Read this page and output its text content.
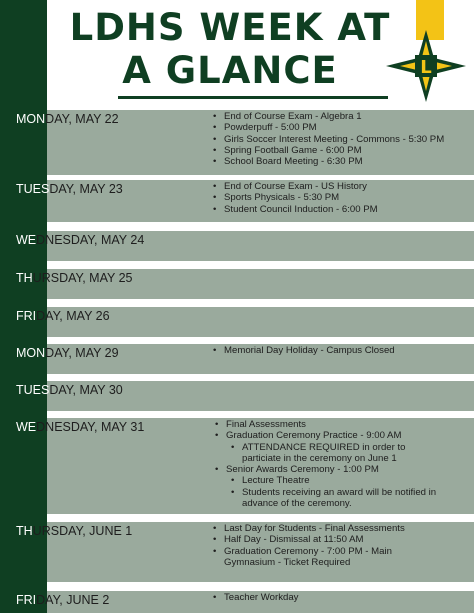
LDHS WEEK AT
A GLANCE	L
MONDAY, MAY 22	• End of Course Exam - Algebra 1
• Powderpuff - 5:00 PM
• Girls Soccer Interest Meeting - Commons - 5:30 PM
• Spring Football Game - 6:00 PM
• School Board Meeting - 6:30 PM
TUESDAY, MAY 23	• End of Course Exam - US History
• Sports Physicals - 5:30 PM
• Student Council Induction - 6:00 PM
WEDNESDAY, MAY 24
THURSDAY, MAY 25
FRIDAY, MAY 26
MONDAY, MAY 29	• Memorial Day Holiday - Campus Closed
TUESDAY, MAY 30
WEDNESDAY, MAY 31	• Final Assessments
• Graduation Ceremony Practice - 9:00 AM
• ATTENDANCE REQUIRED in order to
particiate in the ceremony on June 1
• Senior Awards Ceremony - 1:00 PM
• Lecture Theatre
• Students receiving an award will be notified in
advance of the ceremony.
THURSDAY, JUNE 1	• Last Day for Students - Final Assessments
• Half Day - Dismissal at 11:50 AM
• Graduation Ceremony - 7:00 PM - Main
Gymnasium - Ticket Required
FRIDAY, JUNE 2	• Teacher Workday
